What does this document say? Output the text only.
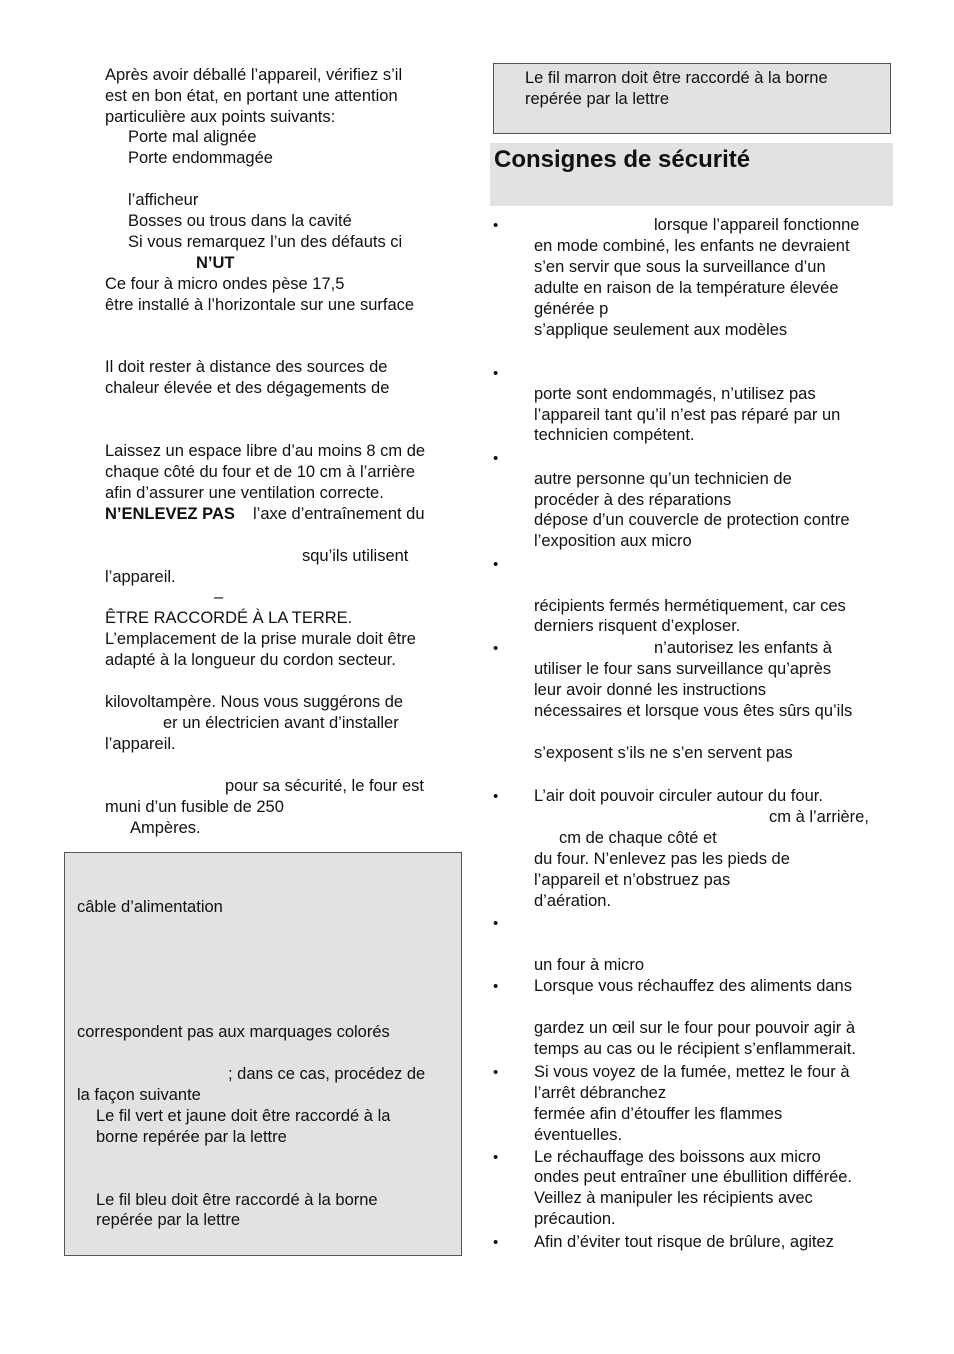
Consignes de sécurité
Après avoir déballé l’appareil, vérifiez s’il
est en bon état, en portant une attention
particulière aux points suivants:
Porte mal alignée
Porte endommagée
l’afficheur
Bosses ou trous dans la cavité
Si vous remarquez l’un des défauts ci
N’UT
Ce four à micro ondes pèse 17,5
être installé à l’horizontale sur une surface
Il doit rester à distance des sources de
chaleur élevée et des dégagements de
Laissez un espace libre d’au moins 8 cm de
chaque côté du four et de 10 cm à l’arrière
afin d’assurer une ventilation correcte.
N’ENLEVEZ PAS l’axe d’entraînement du
squ’ils utilisent
l’appareil.
–
ÊTRE RACCORDÉ À LA TERRE.
L’emplacement de la prise murale doit être
adapté à la longueur du cordon secteur.
kilovoltampère. Nous vous suggérons de
er un électricien avant d’installer
l’appareil.
pour sa sécurité, le four est
muni d’un fusible de 250
Ampères.
câble d’alimentation
correspondent pas aux marquages colorés
; dans ce cas, procédez de
la façon suivante
Le fil vert et jaune doit être raccordé à la
borne repérée par la lettre
Le fil bleu doit être raccordé à la borne
repérée par la lettre
Le fil marron doit être raccordé à la borne
repérée par la lettre
lorsque l’appareil fonctionne
en mode combiné, les enfants ne devraient
s’en servir que sous la surveillance d’un
adulte en raison de la température élevée
générée p
s’applique seulement aux modèles
porte sont endommagés, n’utilisez pas
l’appareil tant qu’il n’est pas réparé par un
technicien compétent.
autre personne qu’un technicien de
procéder à des réparations
dépose d’un couvercle de protection contre
l’exposition aux micro
récipients fermés hermétiquement, car ces
derniers risquent d’exploser.
n’autorisez les enfants à
utiliser le four sans surveillance qu’après
leur avoir donné les instructions
nécessaires et lorsque vous êtes sûrs qu’ils
s’exposent s’ils ne s’en servent pas
L’air doit pouvoir circuler autour du four.
cm à l’arrière,
cm de chaque côté et
du four. N’enlevez pas les pieds de
l’appareil et n’obstruez pas
d’aération.
un four à micro
Lorsque vous réchauffez des aliments dans
gardez un œil sur le four pour pouvoir agir à
temps au cas ou le récipient s’enflammerait.
Si vous voyez de la fumée, mettez le four à
l’arrêt débranchez
fermée afin d’étouffer les flammes
éventuelles.
Le réchauffage des boissons aux micro
ondes peut entraîner une ébullition différée.
Veillez à manipuler les récipients avec
précaution.
Afin d’éviter tout risque de brûlure, agitez
•
•
•
•
•
•
•
•
•
•
•
